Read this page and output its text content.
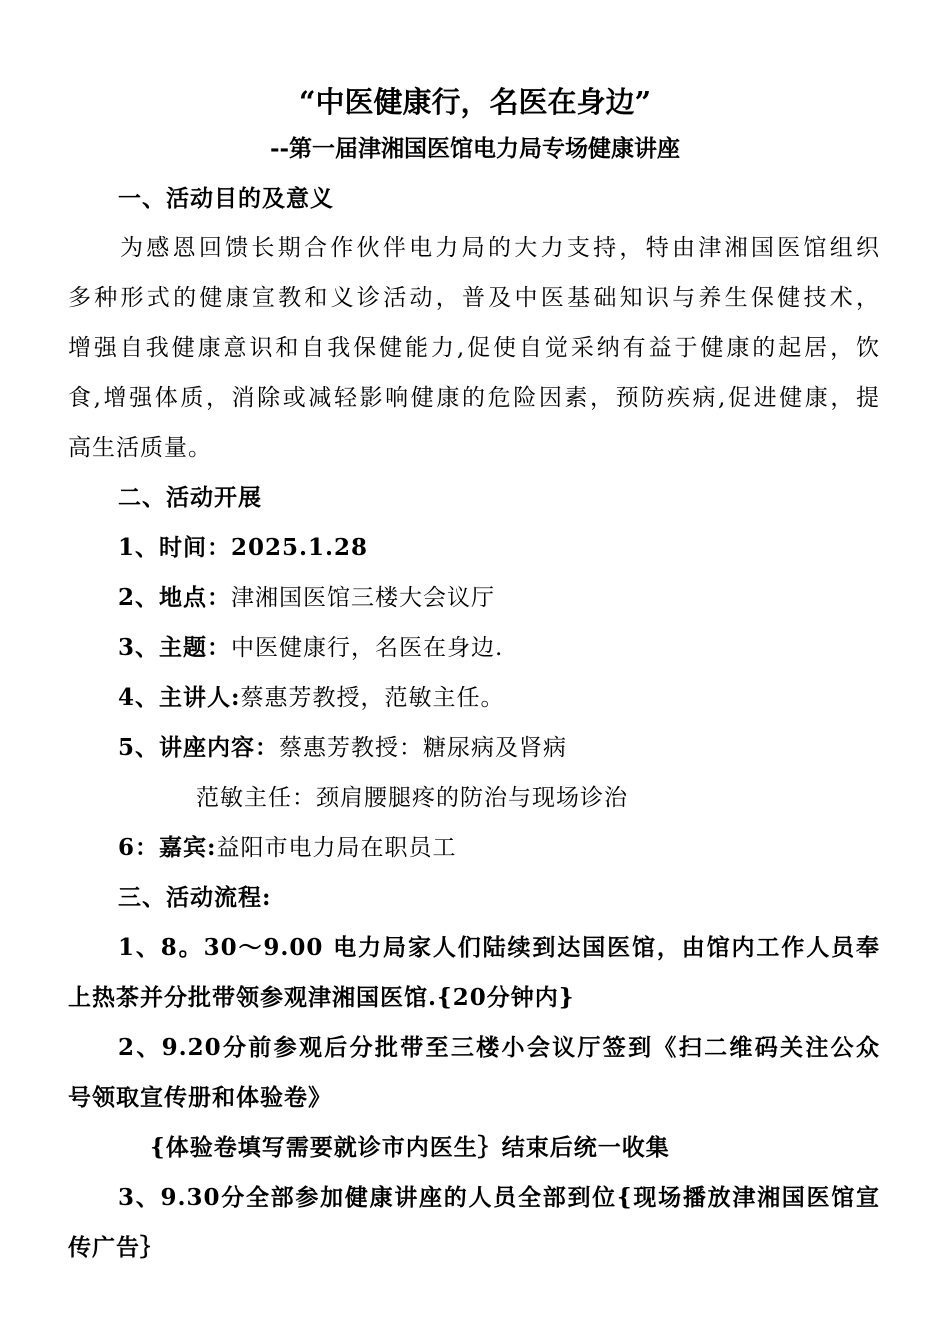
“中医健康行，名医在身边”
--第一届津湘国医馆电力局专场健康讲座
一、活动目的及意义
为感恩回馈长期合作伙伴电力局的大力支持，特由津湘国医馆组织
多种形式的健康宣教和义诊活动，普及中医基础知识与养生保健技术，
增强自我健康意识和自我保健能力,促使自觉采纳有益于健康的起居，饮
食,增强体质，消除或减轻影响健康的危险因素，预防疾病,促进健康，提
高生活质量。
二、活动开展
1、时间：2025.1.28
2、地点：津湘国医馆三楼大会议厅
3、主题：中医健康行，名医在身边.
4、主讲人:蔡惠芳教授，范敏主任。
5、讲座内容：蔡惠芳教授：糖尿病及肾病
范敏主任：颈肩腰腿疼的防治与现场诊治
6：嘉宾:益阳市电力局在职员工
三、活动流程:
1、8。30～9.00 电力局家人们陆续到达国医馆，由馆内工作人员奉
上热茶并分批带领参观津湘国医馆.{20分钟内}
2、9.20分前参观后分批带至三楼小会议厅签到《扫二维码关注公众
号领取宣传册和体验卷》
{体验卷填写需要就诊市内医生｝结束后统一收集
3、9.30分全部参加健康讲座的人员全部到位{现场播放津湘国医馆宣
传广告｝
